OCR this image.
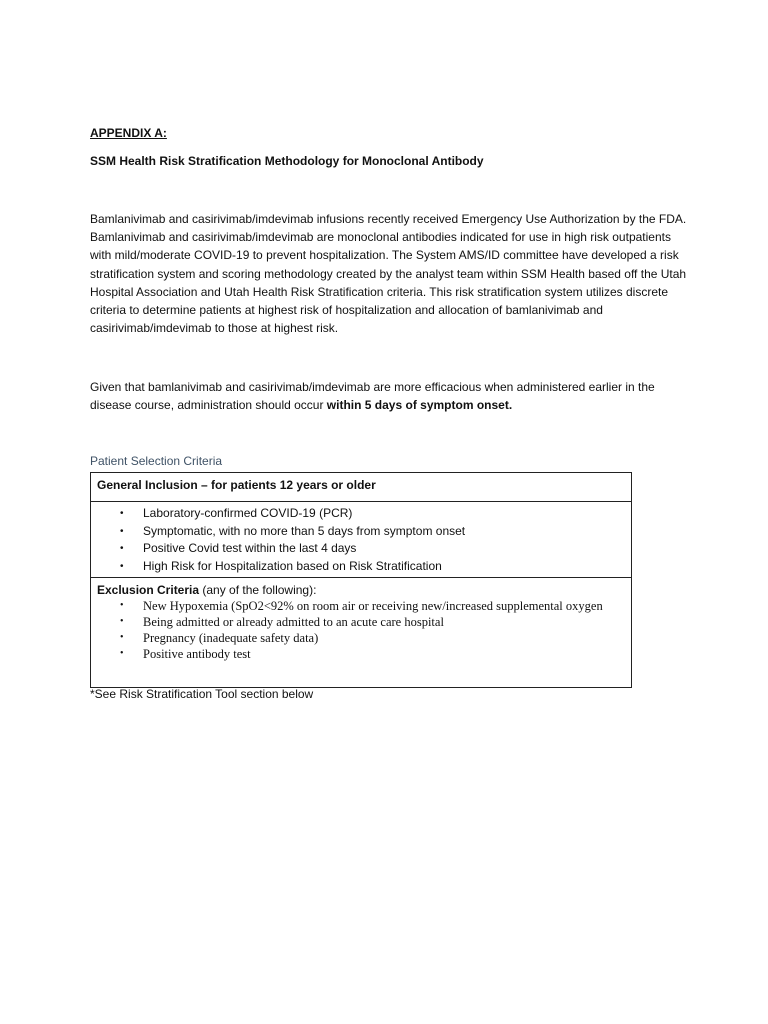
APPENDIX A:
SSM Health Risk Stratification Methodology for Monoclonal Antibody

Bamlanivimab and casirivimab/imdevimab infusions recently received Emergency Use Authorization by the FDA. Bamlanivimab and casirivimab/imdevimab are monoclonal antibodies indicated for use in high risk outpatients with mild/moderate COVID-19 to prevent hospitalization. The System AMS/ID committee have developed a risk stratification system and scoring methodology created by the analyst team within SSM Health based off the Utah Hospital Association and Utah Health Risk Stratification criteria. This risk stratification system utilizes discrete criteria to determine patients at highest risk of hospitalization and allocation of bamlanivimab and casirivimab/imdevimab to those at highest risk.

Given that bamlanivimab and casirivimab/imdevimab are more efficacious when administered earlier in the disease course, administration should occur within 5 days of symptom onset.

Patient Selection Criteria
General Inclusion – for patients 12 years or older
• Laboratory-confirmed COVID-19 (PCR)
• Symptomatic, with no more than 5 days from symptom onset
• Positive Covid test within the last 4 days
• High Risk for Hospitalization based on Risk Stratification
Exclusion Criteria (any of the following):
• New Hypoxemia (SpO2<92% on room air or receiving new/increased supplemental oxygen
• Being admitted or already admitted to an acute care hospital
• Pregnancy (inadequate safety data)
• Positive antibody test
*See Risk Stratification Tool section below
